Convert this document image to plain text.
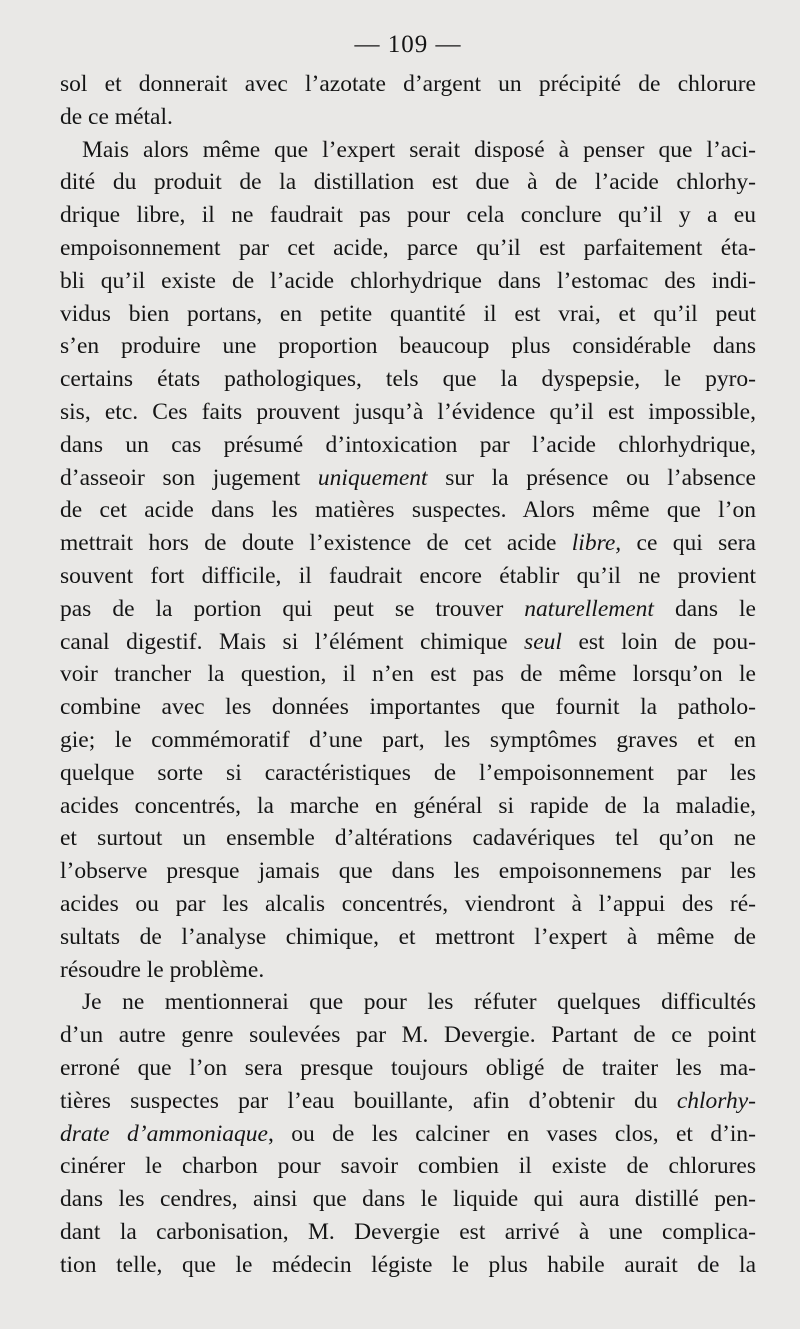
— 109 —
sol et donnerait avec l’azotate d’argent un précipité de chlorure
de ce métal.
Mais alors même que l’expert serait disposé à penser que l’aci-
dité du produit de la distillation est due à de l’acide chlorhy-
drique libre, il ne faudrait pas pour cela conclure qu’il y a eu
empoisonnement par cet acide, parce qu’il est parfaitement éta-
bli qu’il existe de l’acide chlorhydrique dans l’estomac des indi-
vidus bien portans, en petite quantité il est vrai, et qu’il peut
s’en produire une proportion beaucoup plus considérable dans
certains états pathologiques, tels que la dyspepsie, le pyro-
sis, etc. Ces faits prouvent jusqu’à l’évidence qu’il est impossible,
dans un cas présumé d’intoxication par l’acide chlorhydrique,
d’asseoir son jugement uniquement sur la présence ou l’absence
de cet acide dans les matières suspectes. Alors même que l’on
mettrait hors de doute l’existence de cet acide libre, ce qui sera
souvent fort difficile, il faudrait encore établir qu’il ne provient
pas de la portion qui peut se trouver naturellement dans le
canal digestif. Mais si l’élément chimique seul est loin de pou-
voir trancher la question, il n’en est pas de même lorsqu’on le
combine avec les données importantes que fournit la patholo-
gie; le commémoratif d’une part, les symptômes graves et en
quelque sorte si caractéristiques de l’empoisonnement par les
acides concentrés, la marche en général si rapide de la maladie,
et surtout un ensemble d’altérations cadavériques tel qu’on ne
l’observe presque jamais que dans les empoisonnemens par les
acides ou par les alcalis concentrés, viendront à l’appui des ré-
sultats de l’analyse chimique, et mettront l’expert à même de
résoudre le problème.
Je ne mentionnerai que pour les réfuter quelques difficultés
d’un autre genre soulevées par M. Devergie. Partant de ce point
erroné que l’on sera presque toujours obligé de traiter les ma-
tières suspectes par l’eau bouillante, afin d’obtenir du chlorhy-
drate d’ammoniaque, ou de les calciner en vases clos, et d’in-
cinérer le charbon pour savoir combien il existe de chlorures
dans les cendres, ainsi que dans le liquide qui aura distillé pen-
dant la carbonisation, M. Devergie est arrivé à une complica-
tion telle, que le médecin légiste le plus habile aurait de la
